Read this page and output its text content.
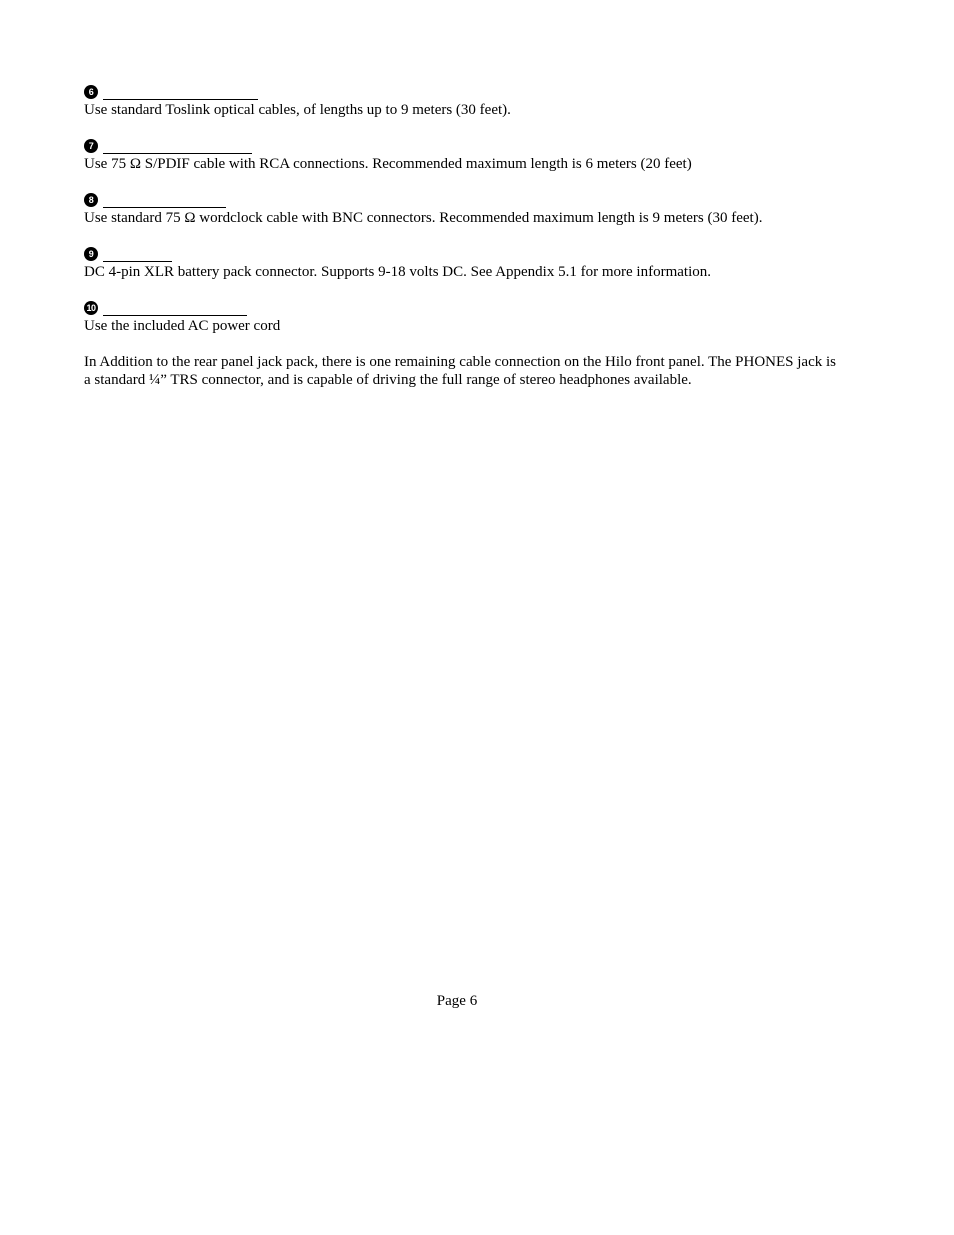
6
Use standard Toslink optical cables, of lengths up to 9 meters (30 feet).
7
Use 75 Ω S/PDIF cable with RCA connections. Recommended maximum length is 6 meters (20 feet)
8
Use standard 75 Ω wordclock cable with BNC connectors. Recommended maximum length is 9 meters (30 feet).
9
DC 4-pin XLR battery pack connector. Supports 9-18 volts DC. See Appendix 5.1 for more information.
10
Use the included AC power cord
In Addition to the rear panel jack pack, there is one remaining cable connection on the Hilo front panel. The PHONES jack is a standard ¼” TRS connector, and is capable of driving the full range of stereo headphones available.
Page 6
